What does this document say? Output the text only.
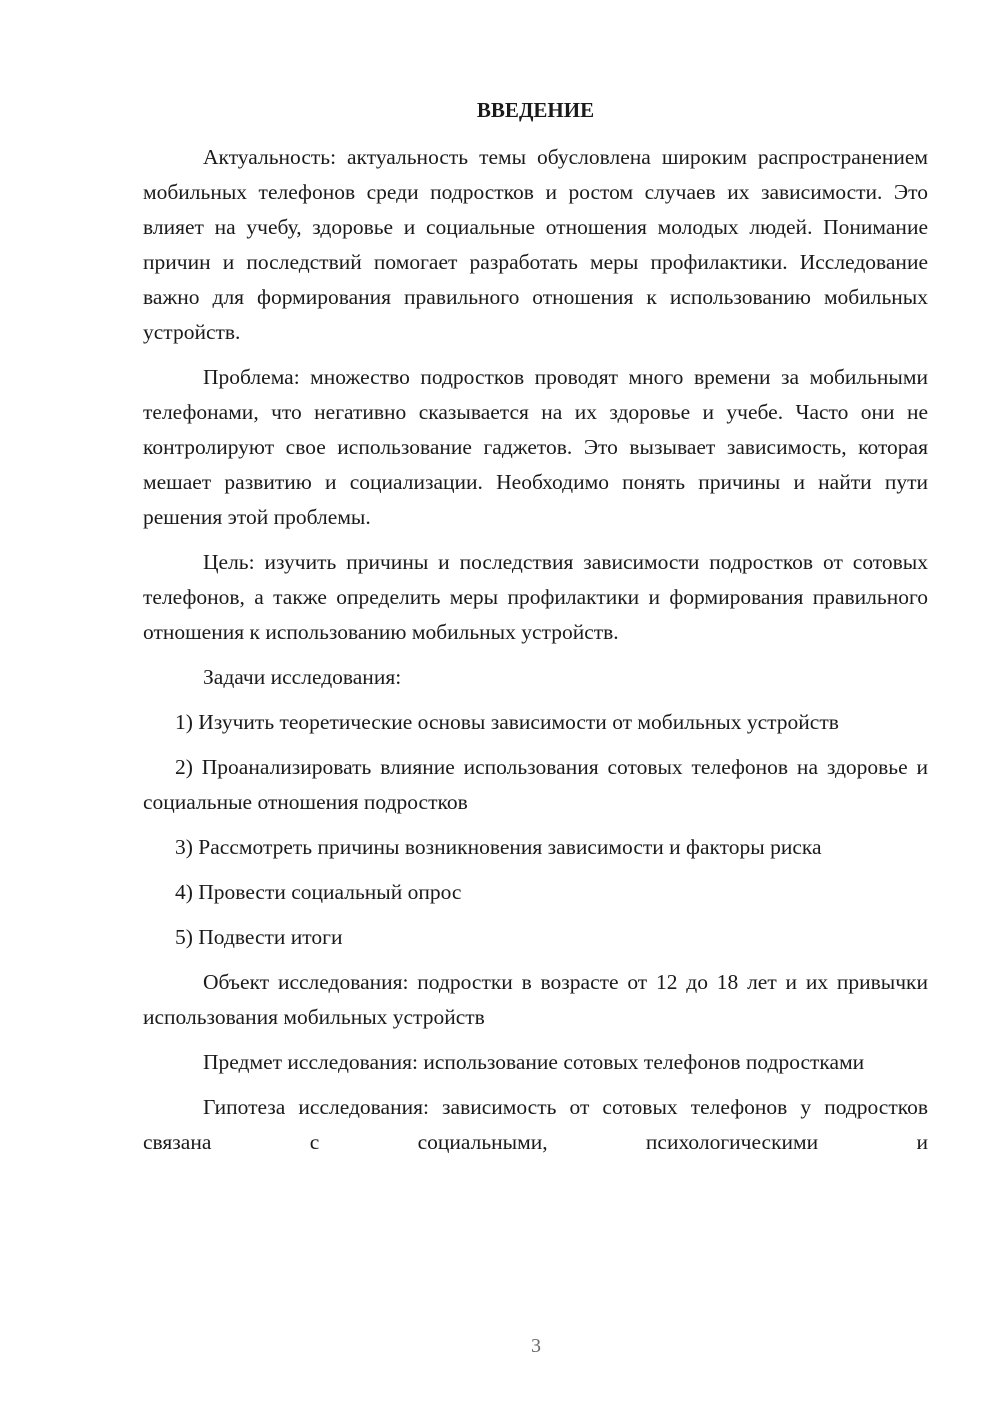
ВВЕДЕНИЕ

Актуальность: актуальность темы обусловлена широким распространением мобильных телефонов среди подростков и ростом случаев их зависимости. Это влияет на учебу, здоровье и социальные отношения молодых людей. Понимание причин и последствий помогает разработать меры профилактики. Исследование важно для формирования правильного отношения к использованию мобильных устройств.

Проблема: множество подростков проводят много времени за мобильными телефонами, что негативно сказывается на их здоровье и учебе. Часто они не контролируют свое использование гаджетов. Это вызывает зависимость, которая мешает развитию и социализации. Необходимо понять причины и найти пути решения этой проблемы.

Цель: изучить причины и последствия зависимости подростков от сотовых телефонов, а также определить меры профилактики и формирования правильного отношения к использованию мобильных устройств.

Задачи исследования:

1) Изучить теоретические основы зависимости от мобильных устройств

2) Проанализировать влияние использования сотовых телефонов на здоровье и социальные отношения подростков

3) Рассмотреть причины возникновения зависимости и факторы риска

4) Провести социальный опрос

5) Подвести итоги

Объект исследования: подростки в возрасте от 12 до 18 лет и их привычки использования мобильных устройств

Предмет исследования: использование сотовых телефонов подростками

Гипотеза исследования: зависимость от сотовых телефонов у подростков связана с социальными, психологическими и

3
